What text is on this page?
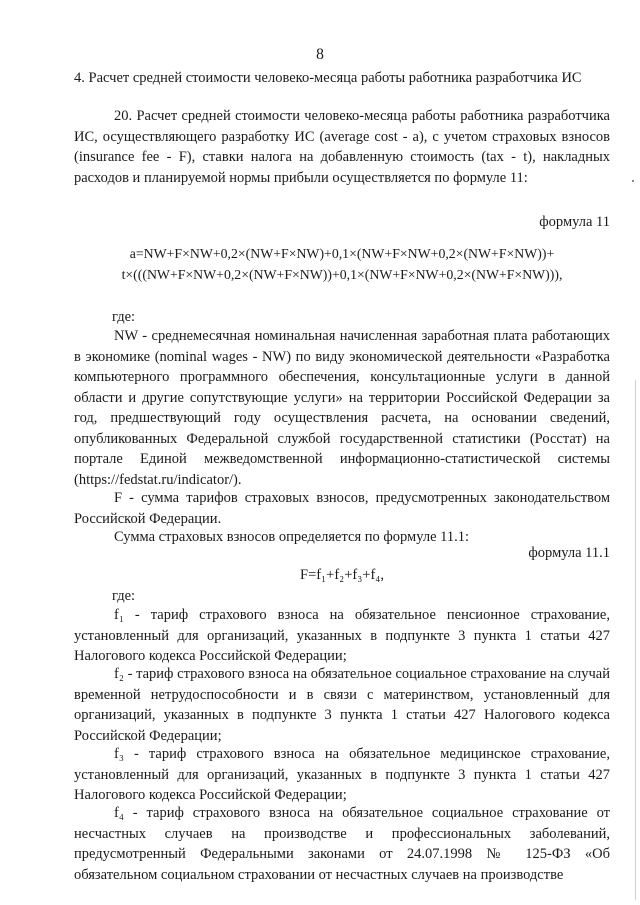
8
4. Расчет средней стоимости человеко-месяца работы работника разработчика ИС

20. Расчет средней стоимости человеко-месяца работы работника разработчика ИС, осуществляющего разработку ИС (average cost - a), с учетом страховых взносов (insurance fee - F), ставки налога на добавленную стоимость (tax - t), накладных расходов и планируемой нормы прибыли осуществляется по формуле 11:

формула 11
a=NW+F×NW+0,2×(NW+F×NW)+0,1×(NW+F×NW+0,2×(NW+F×NW))+
t×(((NW+F×NW+0,2×(NW+F×NW))+0,1×(NW+F×NW+0,2×(NW+F×NW))),
где:

NW - среднемесячная номинальная начисленная заработная плата работающих в экономике (nominal wages - NW) по виду экономической деятельности «Разработка компьютерного программного обеспечения, консультационные услуги в данной области и другие сопутствующие услуги» на территории Российской Федерации за год, предшествующий году осуществления расчета, на основании сведений, опубликованных Федеральной службой государственной статистики (Росстат) на портале Единой межведомственной информационно-статистической системы (https://fedstat.ru/indicator/).

F - сумма тарифов страховых взносов, предусмотренных законодательством Российской Федерации.

Сумма страховых взносов определяется по формуле 11.1:

формула 11.1
F=f₁+f₂+f₃+f₄,
где:

f₁ - тариф страхового взноса на обязательное пенсионное страхование, установленный для организаций, указанных в подпункте 3 пункта 1 статьи 427 Налогового кодекса Российской Федерации;

f₂ - тариф страхового взноса на обязательное социальное страхование на случай временной нетрудоспособности и в связи с материнством, установленный для организаций, указанных в подпункте 3 пункта 1 статьи 427 Налогового кодекса Российской Федерации;

f₃ - тариф страхового взноса на обязательное медицинское страхование, установленный для организаций, указанных в подпункте 3 пункта 1 статьи 427 Налогового кодекса Российской Федерации;

f₄ - тариф страхового взноса на обязательное социальное страхование от несчастных случаев на производстве и профессиональных заболеваний, предусмотренный Федеральными законами от 24.07.1998 № 125-ФЗ «Об обязательном социальном страховании от несчастных случаев на производстве
